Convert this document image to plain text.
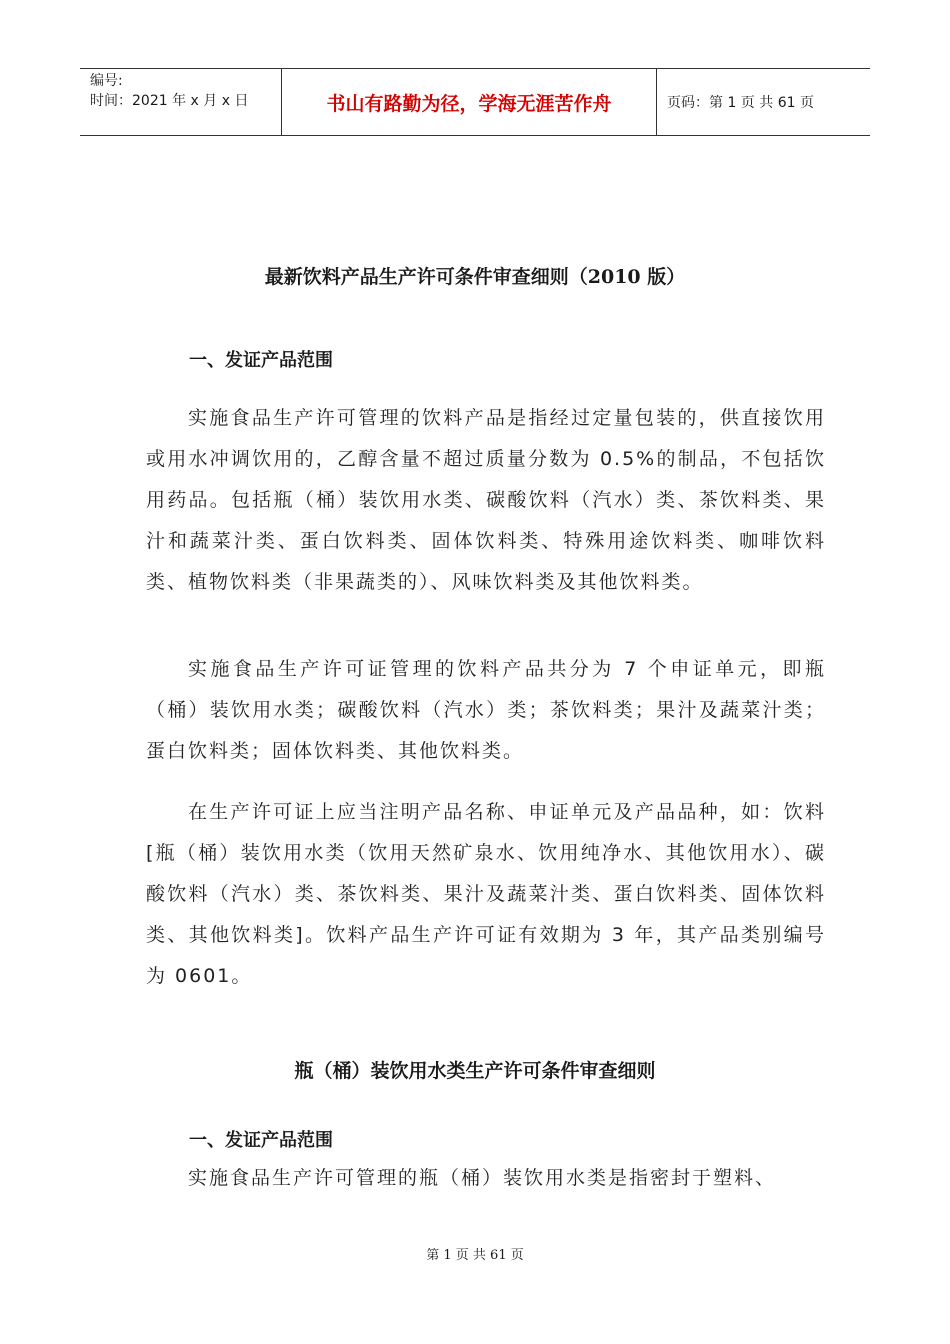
编号:
时间：2021 年 x 月 x 日	书山有路勤为径，学海无涯苦作舟	页码：第 1 页 共 61 页
最新饮料产品生产许可条件审查细则（2010 版）
一、发证产品范围

实施食品生产许可管理的饮料产品是指经过定量包装的，供直接饮用或用水冲调饮用的，乙醇含量不超过质量分数为 0.5%的制品，不包括饮用药品。包括瓶（桶）装饮用水类、碳酸饮料（汽水）类、茶饮料类、果汁和蔬菜汁类、蛋白饮料类、固体饮料类、特殊用途饮料类、咖啡饮料类、植物饮料类（非果蔬类的）、风味饮料类及其他饮料类。

实施食品生产许可证管理的饮料产品共分为 7 个申证单元，即瓶（桶）装饮用水类；碳酸饮料（汽水）类；茶饮料类；果汁及蔬菜汁类；蛋白饮料类；固体饮料类、其他饮料类。

在生产许可证上应当注明产品名称、申证单元及产品品种，如：饮料[瓶（桶）装饮用水类（饮用天然矿泉水、饮用纯净水、其他饮用水）、碳酸饮料（汽水）类、茶饮料类、果汁及蔬菜汁类、蛋白饮料类、固体饮料类、其他饮料类]。饮料产品生产许可证有效期为 3 年，其产品类别编号为 0601。

瓶（桶）装饮用水类生产许可条件审查细则
一、发证产品范围

实施食品生产许可管理的瓶（桶）装饮用水类是指密封于塑料、

第 1 页 共 61 页
